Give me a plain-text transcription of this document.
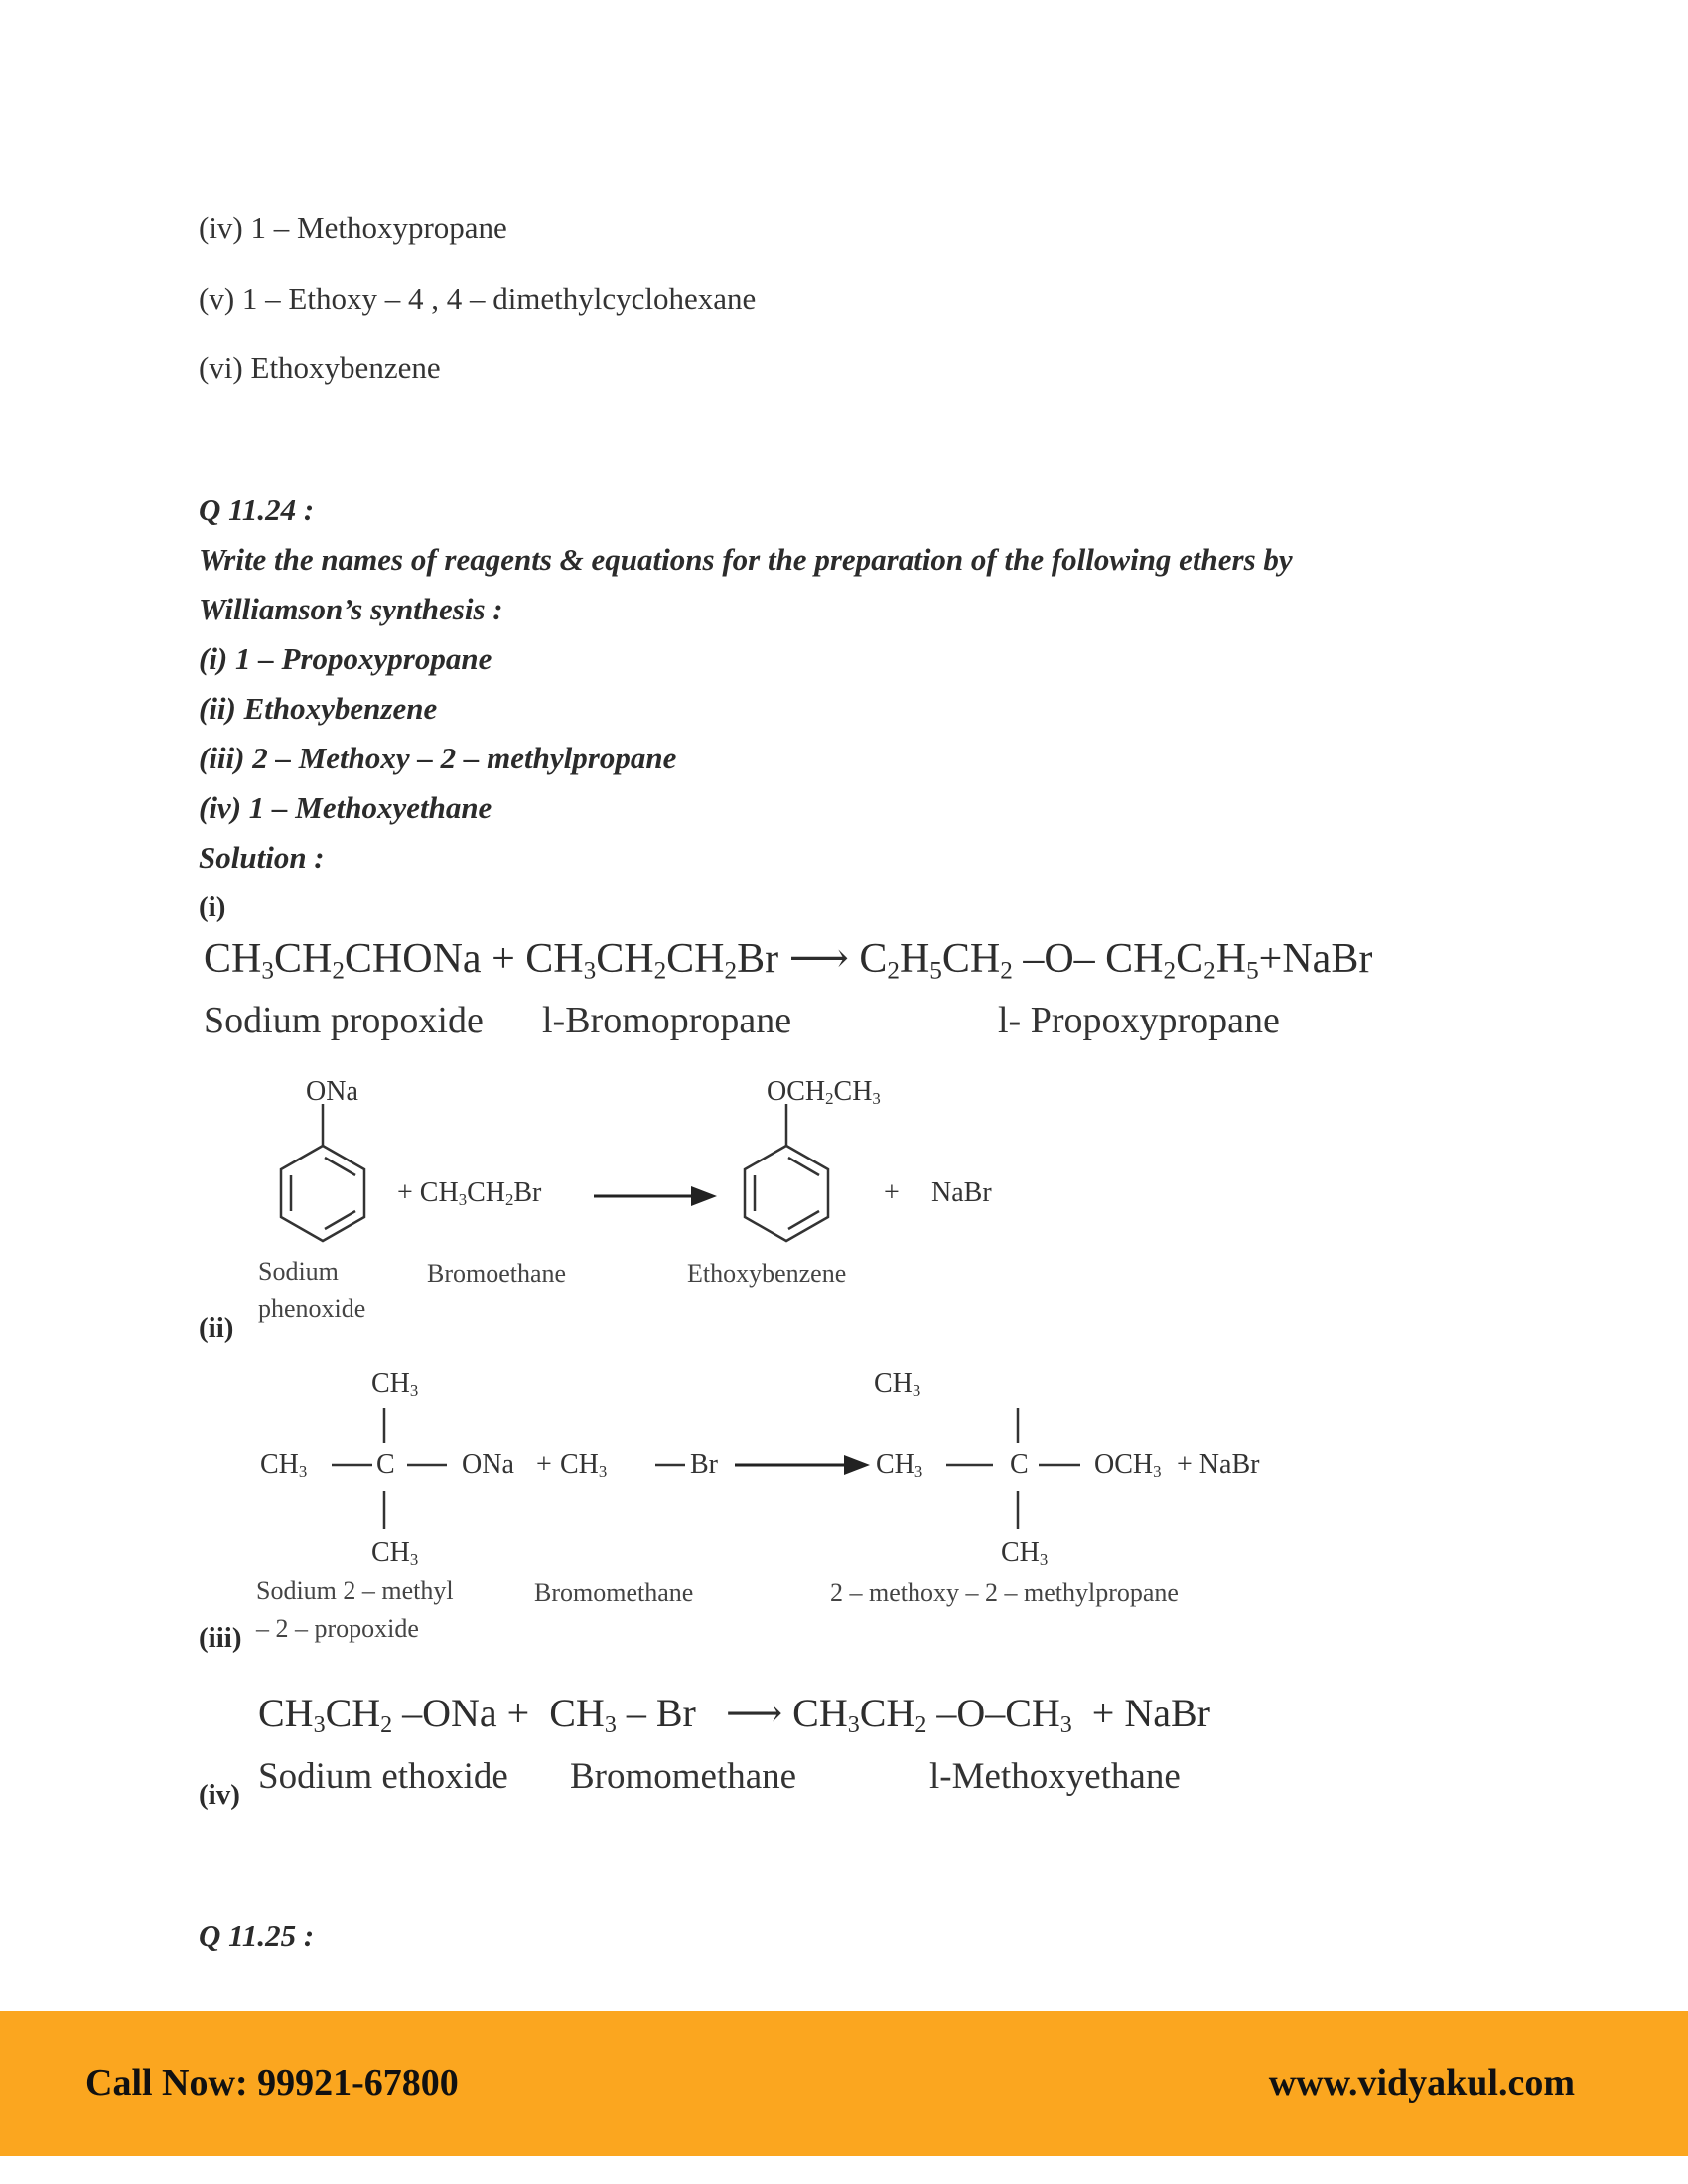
(iv) 1 – Methoxypropane
(v) 1 – Ethoxy – 4 , 4 – dimethylcyclohexane
(vi) Ethoxybenzene
Q 11.24 :
Write the names of reagents & equations for the preparation of the following ethers by
Williamson’s synthesis :
(i) 1 – Propoxypropane
(ii) Ethoxybenzene
(iii) 2 – Methoxy – 2 – methylpropane
(iv) 1 – Methoxyethane
Solution :
(i)
$CH_3CH_2CHONa + CH_3CH_2CH_2Br$ ⟶ $C_2H_5CH_2$ –O– $CH_2C_2H_5+NaBr$
Sodium propoxide l-Bromopropane	l- Propoxypropane
ONa
+ $CH_3CH_2Br$
$OCH_2CH_3$
+ NaBr
Sodium
phenoxide
Bromoethane	Ethoxybenzene
(ii)
$CH_3$
$CH_3$ C ONa + $CH_3$	Br
$CH_3$
$CH_3$
$CH_3$	C $OCH_3$ + NaBr
$CH_3$
Sodium 2 – methyl
– 2 – propoxide
Bromomethane	2 – methoxy – 2 – methylpropane
(iii)
$CH_3CH_2$ $-ONa + CH_3 - Br$ ⟶ $CH_3CH_2$ $-O-CH_3$ + NaBr
Sodium ethoxide Bromomethane	l-Methoxyethane
(iv)
Q 11.25 :
Call Now: 99921-67800	www.vidyakul.com
